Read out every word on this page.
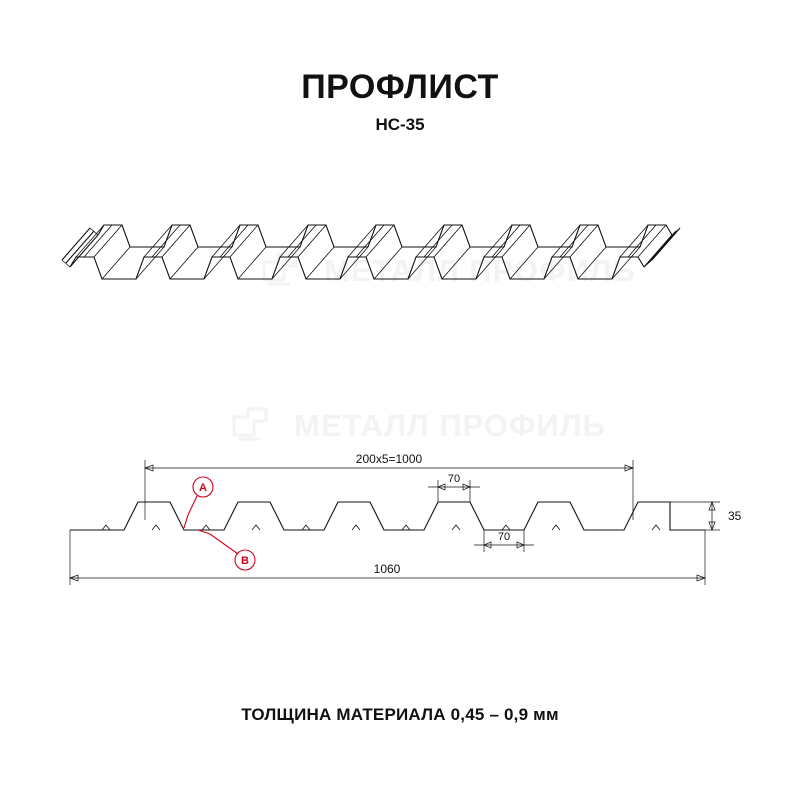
ПРОФЛИСТ
НС-35
МЕТАЛЛ ПРОФИЛЬ
МЕТАЛЛ ПРОФИЛЬ
200х5=1000
A
B
70
70
35
1060
ТОЛЩИНА МАТЕРИАЛА 0,45 – 0,9 мм
